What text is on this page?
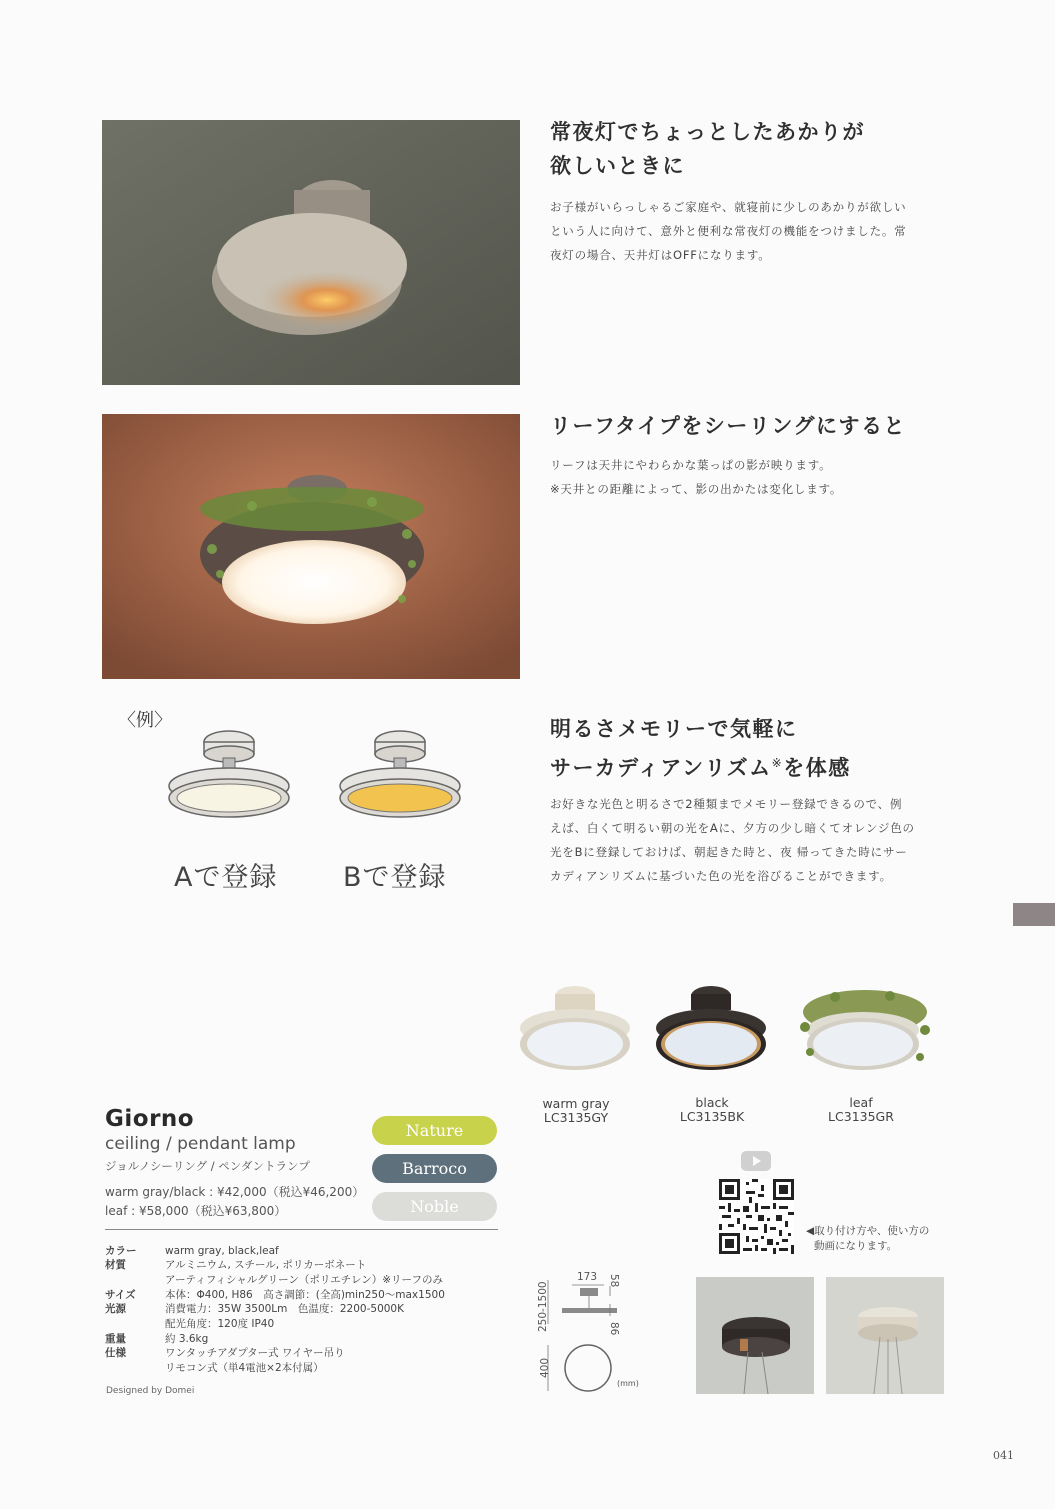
常夜灯でちょっとしたあかりが
欲しいときに
お子様がいらっしゃるご家庭や、就寝前に少しのあかりが欲しい
という人に向けて、意外と便利な常夜灯の機能をつけました。常
夜灯の場合、天井灯はOFFになります。
リーフタイプをシーリングにすると
リーフは天井にやわらかな葉っぱの影が映ります。
※天井との距離によって、影の出かたは変化します。
〈例〉
Aで登録 Bで登録
明るさメモリーで気軽に
サーカディアンリズム※を体感
お好きな光色と明るさで2種類までメモリー登録できるので、例
えば、白くて明るい朝の光をAに、夕方の少し暗くてオレンジ色の
光をBに登録しておけば、朝起きた時と、夜 帰ってきた時にサー
カディアンリズムに基づいた色の光を浴びることができます。
warm gray
LC3135GY
black
LC3135BK
leaf
LC3135GR
Giorno
ceiling / pendant lamp
ジョルノシーリング / ペンダントランプ
warm gray/black : ¥42,000（税込¥46,200）
leaf : ¥58,000（税込¥63,800）
Nature
Barroco
Noble
カラー	warm gray, black,leaf
材質	アルミニウム, スチール, ポリカーボネート
アーティフィシャルグリーン（ポリエチレン）※リーフのみ
サイズ	本体：Φ400, H86　高さ調節：(全高)min250〜max1500
光源	消費電力：35W 3500Lm　色温度：2200-5000K
配光角度：120度 IP40
重量	約 3.6kg
仕様	ワンタッチアダプター式 ワイヤー吊り
リモコン式（単4電池×2本付属）
Designed by Domei
173 58
250-1500	86
400
(mm)
◀取り付け方や、使い方の
動画になります。
041
